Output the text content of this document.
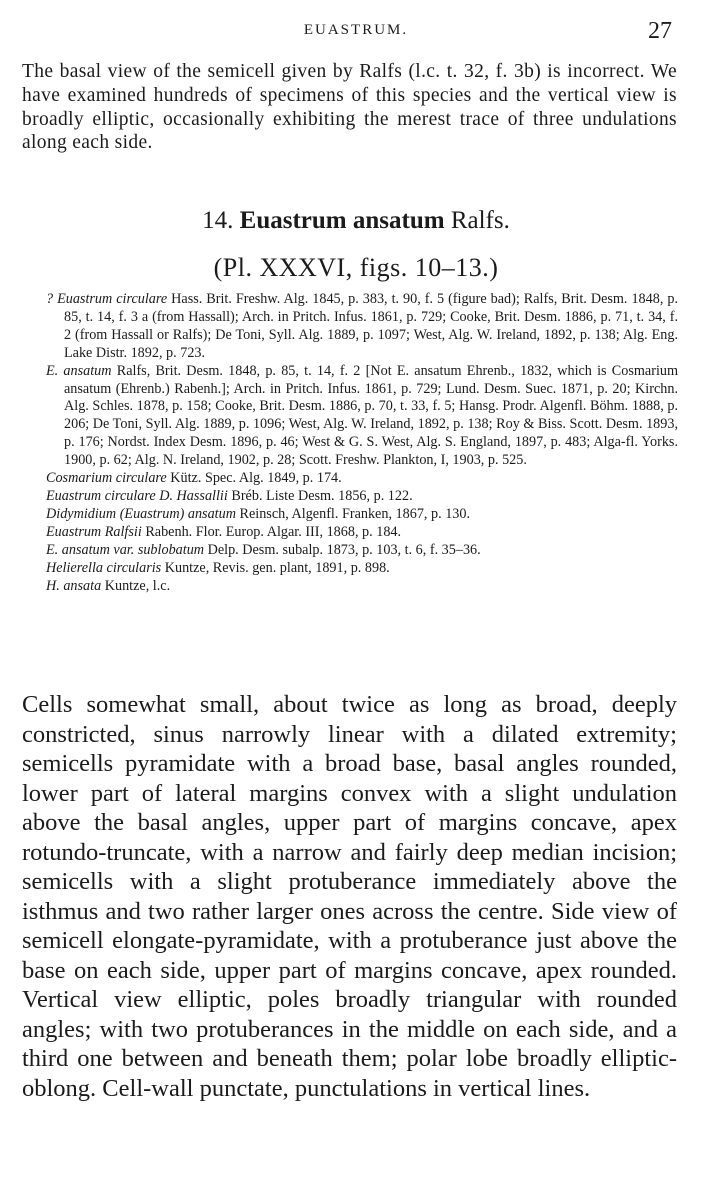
EUASTRUM.	27

The basal view of the semicell given by Ralfs (l.c. t. 32, f. 3b) is incorrect. We have examined hundreds of specimens of this species and the vertical view is broadly elliptic, occasionally exhibiting the merest trace of three undulations along each side.

14. Euastrum ansatum Ralfs.
(Pl. XXXVI, figs. 10–13.)

? Euastrum circulare Hass. Brit. Freshw. Alg. 1845, p. 383, t. 90, f. 5 (figure bad); Ralfs, Brit. Desm. 1848, p. 85, t. 14, f. 3 a (from Hassall); Arch. in Pritch. Infus. 1861, p. 729; Cooke, Brit. Desm. 1886, p. 71, t. 34, f. 2 (from Hassall or Ralfs); De Toni, Syll. Alg. 1889, p. 1097; West, Alg. W. Ireland, 1892, p. 138; Alg. Eng. Lake Distr. 1892, p. 723.

E. ansatum Ralfs, Brit. Desm. 1848, p. 85, t. 14, f. 2 [Not E. ansatum Ehrenb., 1832, which is Cosmarium ansatum (Ehrenb.) Rabenh.]; Arch. in Pritch. Infus. 1861, p. 729; Lund. Desm. Suec. 1871, p. 20; Kirchn. Alg. Schles. 1878, p. 158; Cooke, Brit. Desm. 1886, p. 70, t. 33, f. 5; Hansg. Prodr. Algenfl. Böhm. 1888, p. 206; De Toni, Syll. Alg. 1889, p. 1096; West, Alg. W. Ireland, 1892, p. 138; Roy & Biss. Scott. Desm. 1893, p. 176; Nordst. Index Desm. 1896, p. 46; West & G. S. West, Alg. S. England, 1897, p. 483; Alga-fl. Yorks. 1900, p. 62; Alg. N. Ireland, 1902, p. 28; Scott. Freshw. Plankton, I, 1903, p. 525.

Cosmarium circulare Kütz. Spec. Alg. 1849, p. 174.

Euastrum circulare D. Hassallii Bréb. Liste Desm. 1856, p. 122.

Didymidium (Euastrum) ansatum Reinsch, Algenfl. Franken, 1867, p. 130.

Euastrum Ralfsii Rabenh. Flor. Europ. Algar. III, 1868, p. 184.

E. ansatum var. sublobatum Delp. Desm. subalp. 1873, p. 103, t. 6, f. 35–36.

Helierella circularis Kuntze, Revis. gen. plant, 1891, p. 898.

H. ansata Kuntze, l.c.

Cells somewhat small, about twice as long as broad, deeply constricted, sinus narrowly linear with a dilated extremity; semicells pyramidate with a broad base, basal angles rounded, lower part of lateral margins convex with a slight undulation above the basal angles, upper part of margins concave, apex rotundo-truncate, with a narrow and fairly deep median incision; semicells with a slight protuberance immediately above the isthmus and two rather larger ones across the centre. Side view of semicell elongate-pyramidate, with a protuberance just above the base on each side, upper part of margins concave, apex rounded. Vertical view elliptic, poles broadly triangular with rounded angles; with two protuberances in the middle on each side, and a third one between and beneath them; polar lobe broadly elliptic-oblong. Cell-wall punctate, punctulations in vertical lines.
